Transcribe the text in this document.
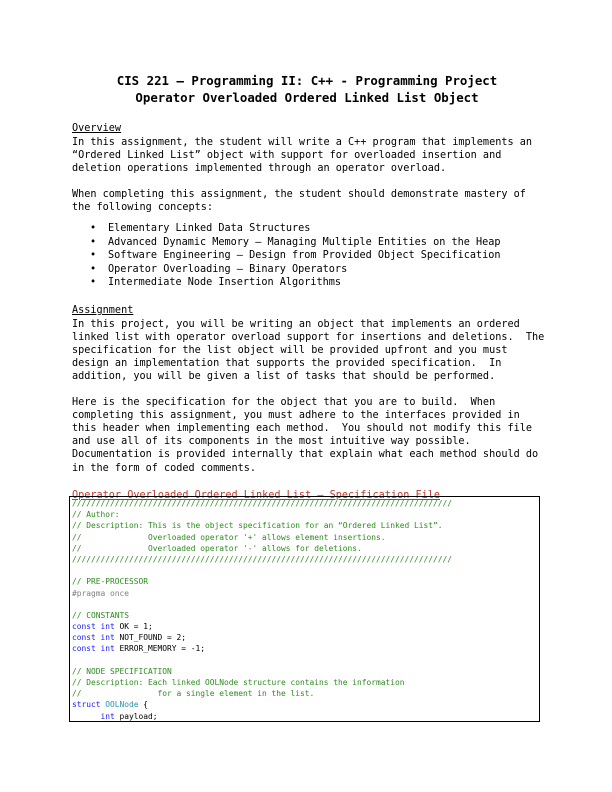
CIS 221 – Programming II: C++ - Programming Project
Operator Overloaded Ordered Linked List Object
Overview
In this assignment, the student will write a C++ program that implements an
“Ordered Linked List” object with support for overloaded insertion and
deletion operations implemented through an operator overload.
When completing this assignment, the student should demonstrate mastery of
the following concepts:
• Elementary Linked Data Structures
• Advanced Dynamic Memory – Managing Multiple Entities on the Heap
• Software Engineering – Design from Provided Object Specification
• Operator Overloading – Binary Operators
• Intermediate Node Insertion Algorithms
Assignment
In this project, you will be writing an object that implements an ordered
linked list with operator overload support for insertions and deletions.  The
specification for the list object will be provided upfront and you must
design an implementation that supports the provided specification.  In
addition, you will be given a list of tasks that should be performed.
Here is the specification for the object that you are to build.  When
completing this assignment, you must adhere to the interfaces provided in
this header when implementing each method.  You should not modify this file
and use all of its components in the most intuitive way possible.
Documentation is provided internally that explain what each method should do
in the form of coded comments.
Operator Overloaded Ordered Linked List – Specification File
////////////////////////////////////////////////////////////////////////////////
// Author:
// Description: This is the object specification for an “Ordered Linked List”.
//              Overloaded operator '+' allows element insertions.
//              Overloaded operator '-' allows for deletions.
////////////////////////////////////////////////////////////////////////////////
// PRE-PROCESSOR
#pragma once
// CONSTANTS
const int OK = 1;
const int NOT_FOUND = 2;
const int ERROR_MEMORY = -1;
// NODE SPECIFICATION
// Description: Each linked OOLNode structure contains the information
//                for a single element in the list.
struct OOLNode {
int payload;
